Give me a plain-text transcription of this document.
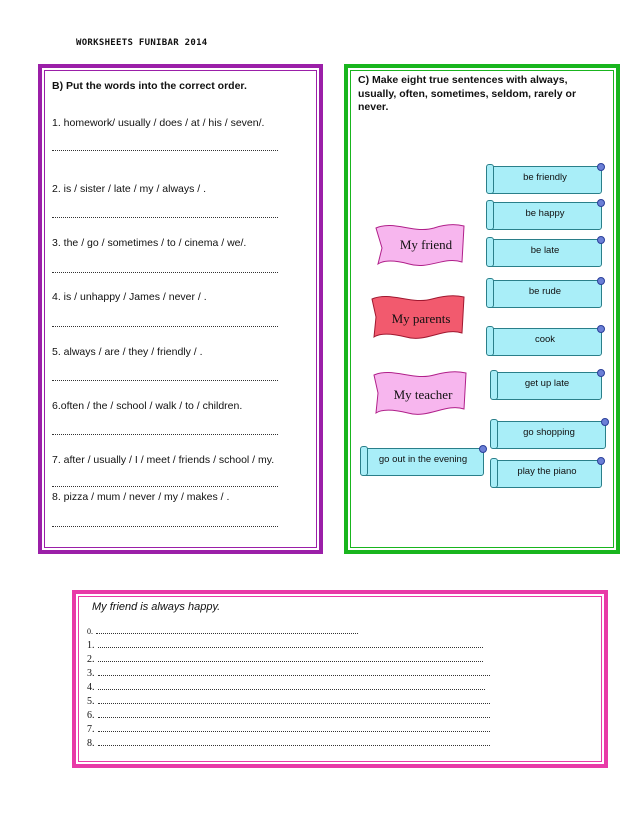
WORKSHEETS FUNIBAR 2014
B) Put the words into the correct order.
1. homework/ usually / does / at / his / seven/.
2. is / sister / late / my / always / .
3. the / go / sometimes / to / cinema / we/.
4. is / unhappy / James / never / .
5. always / are / they / friendly / .
6.often / the / school / walk / to / children.
7. after / usually / I / meet / friends / school / my.
8. pizza / mum / never / my / makes / .
C) Make eight true sentences with always, usually, often, sometimes, seldom, rarely or never.
My friend
My parents
My teacher
be friendly
be happy
be late
be rude
cook
get up late
go shopping
go out in the evening
play the piano
My friend is always happy.
0.
1.
2.
3.
4.
5.
6.
7.
8.
